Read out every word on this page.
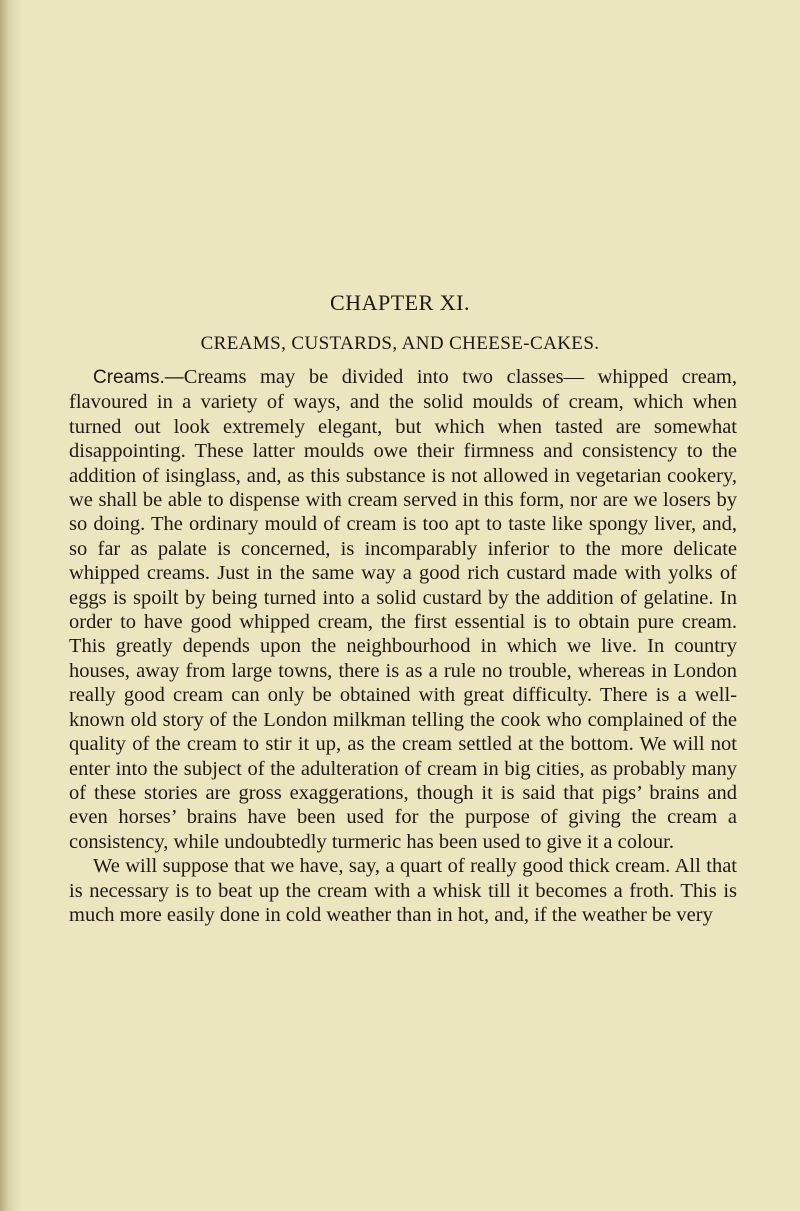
CHAPTER XI.
CREAMS, CUSTARDS, AND CHEESE-CAKES.

Creams.—Creams may be divided into two classes— whipped cream, flavoured in a variety of ways, and the solid moulds of cream, which when turned out look extremely elegant, but which when tasted are somewhat disappointing. These latter moulds owe their firmness and consistency to the addition of isinglass, and, as this substance is not allowed in vegetarian cookery, we shall be able to dispense with cream served in this form, nor are we losers by so doing. The ordinary mould of cream is too apt to taste like spongy liver, and, so far as palate is concerned, is incomparably inferior to the more delicate whipped creams. Just in the same way a good rich custard made with yolks of eggs is spoilt by being turned into a solid custard by the addition of gelatine. In order to have good whipped cream, the first essential is to obtain pure cream. This greatly depends upon the neighbourhood in which we live. In country houses, away from large towns, there is as a rule no trouble, whereas in London really good cream can only be obtained with great difficulty. There is a well-known old story of the London milkman telling the cook who complained of the quality of the cream to stir it up, as the cream settled at the bottom. We will not enter into the subject of the adulteration of cream in big cities, as probably many of these stories are gross exaggerations, though it is said that pigs’ brains and even horses’ brains have been used for the purpose of giving the cream a consistency, while undoubtedly turmeric has been used to give it a colour.

We will suppose that we have, say, a quart of really good thick cream. All that is necessary is to beat up the cream with a whisk till it becomes a froth. This is much more easily done in cold weather than in hot, and, if the weather be very
